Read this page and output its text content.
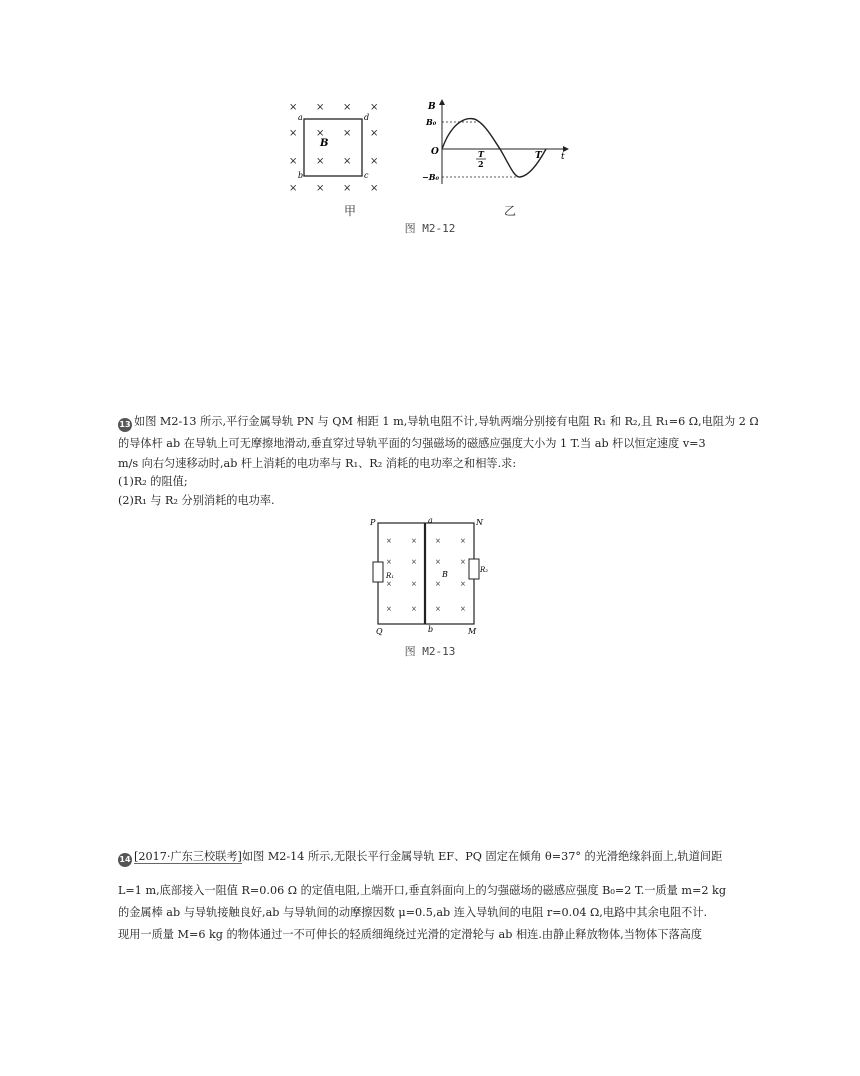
× × × ×
× × × ×
× × × ×
× × × ×
B
a
b	c
d
B
t
O
B₀
−B₀
T
2
T
甲	乙
图 M2-12
13 如图 M2-13 所示,平行金属导轨 PN 与 QM 相距 1 m,导轨电阻不计,导轨两端分别接有电阻 R₁ 和 R₂,且 R₁=6 Ω,电阻为 2 Ω
的导体杆 ab 在导轨上可无摩擦地滑动,垂直穿过导轨平面的匀强磁场的磁感应强度大小为 1 T.当 ab 杆以恒定速度 v=3
m/s 向右匀速移动时,ab 杆上消耗的电功率与 R₁、R₂ 消耗的电功率之和相等.求:
(1)R₂ 的阻值;
(2)R₁ 与 R₂ 分别消耗的电功率.
×	×	×	×
×	×	×	×
×	×	×
×
×	×	×	×
P	N
Q	M
a
b
R₁
R₂
B
图 M2-13
14 [2017·广东三校联考]如图 M2-14 所示,无限长平行金属导轨 EF、PQ 固定在倾角 θ=37° 的光滑绝缘斜面上,轨道间距
L=1 m,底部接入一阻值 R=0.06 Ω 的定值电阻,上端开口,垂直斜面向上的匀强磁场的磁感应强度 B₀=2 T.一质量 m=2 kg
的金属棒 ab 与导轨接触良好,ab 与导轨间的动摩擦因数 μ=0.5,ab 连入导轨间的电阻 r=0.04 Ω,电路中其余电阻不计.
现用一质量 M=6 kg 的物体通过一不可伸长的轻质细绳绕过光滑的定滑轮与 ab 相连.由静止释放物体,当物体下落高度
